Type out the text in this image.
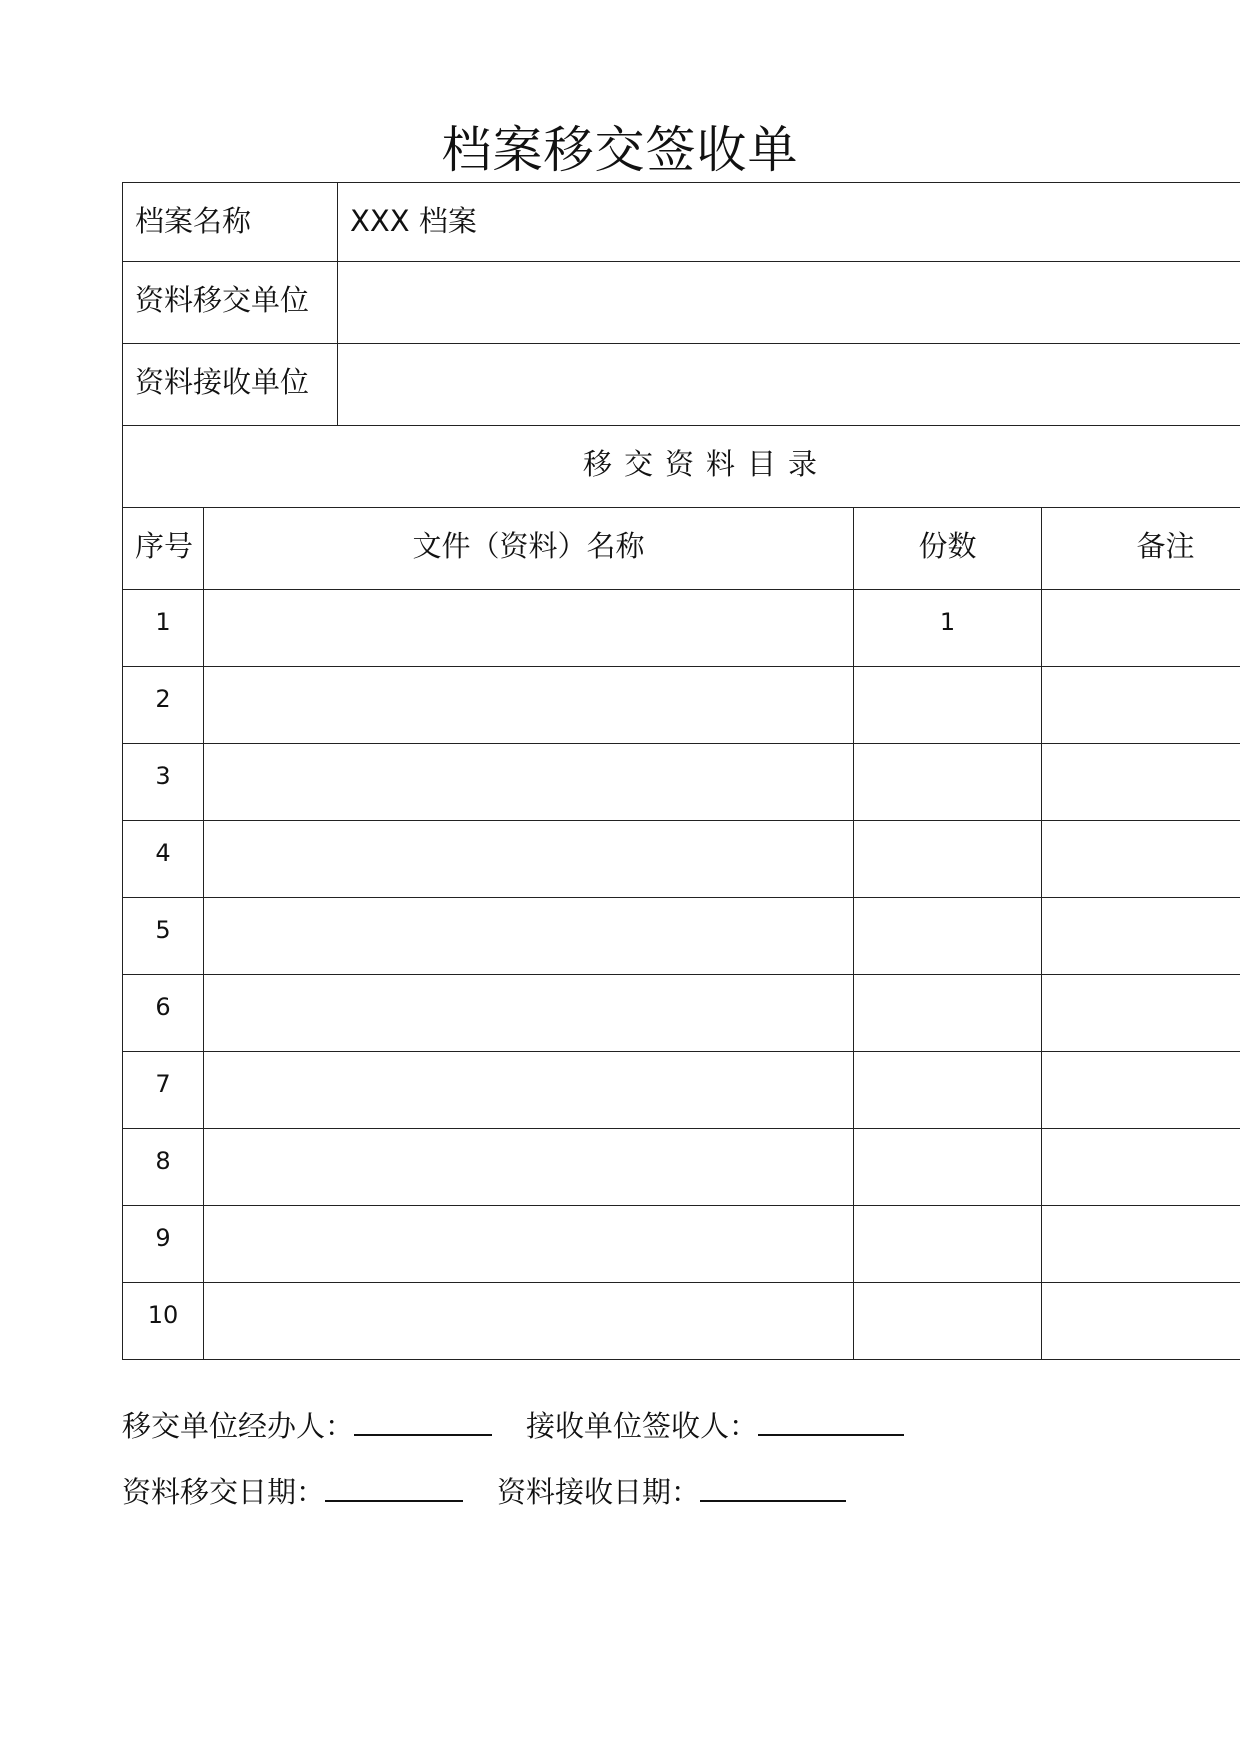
档案移交签收单
档案名称		XXX 档案		
资料移交单位				
资料接收单位				
移交资料目录				
序号	文件（资料）名称		份数	备注
1			1	
2				
3				
4				
5				
6				
7				
8				
9				
10				
移交单位经办人：	接收单位签收人：
资料移交日期：	资料接收日期：
